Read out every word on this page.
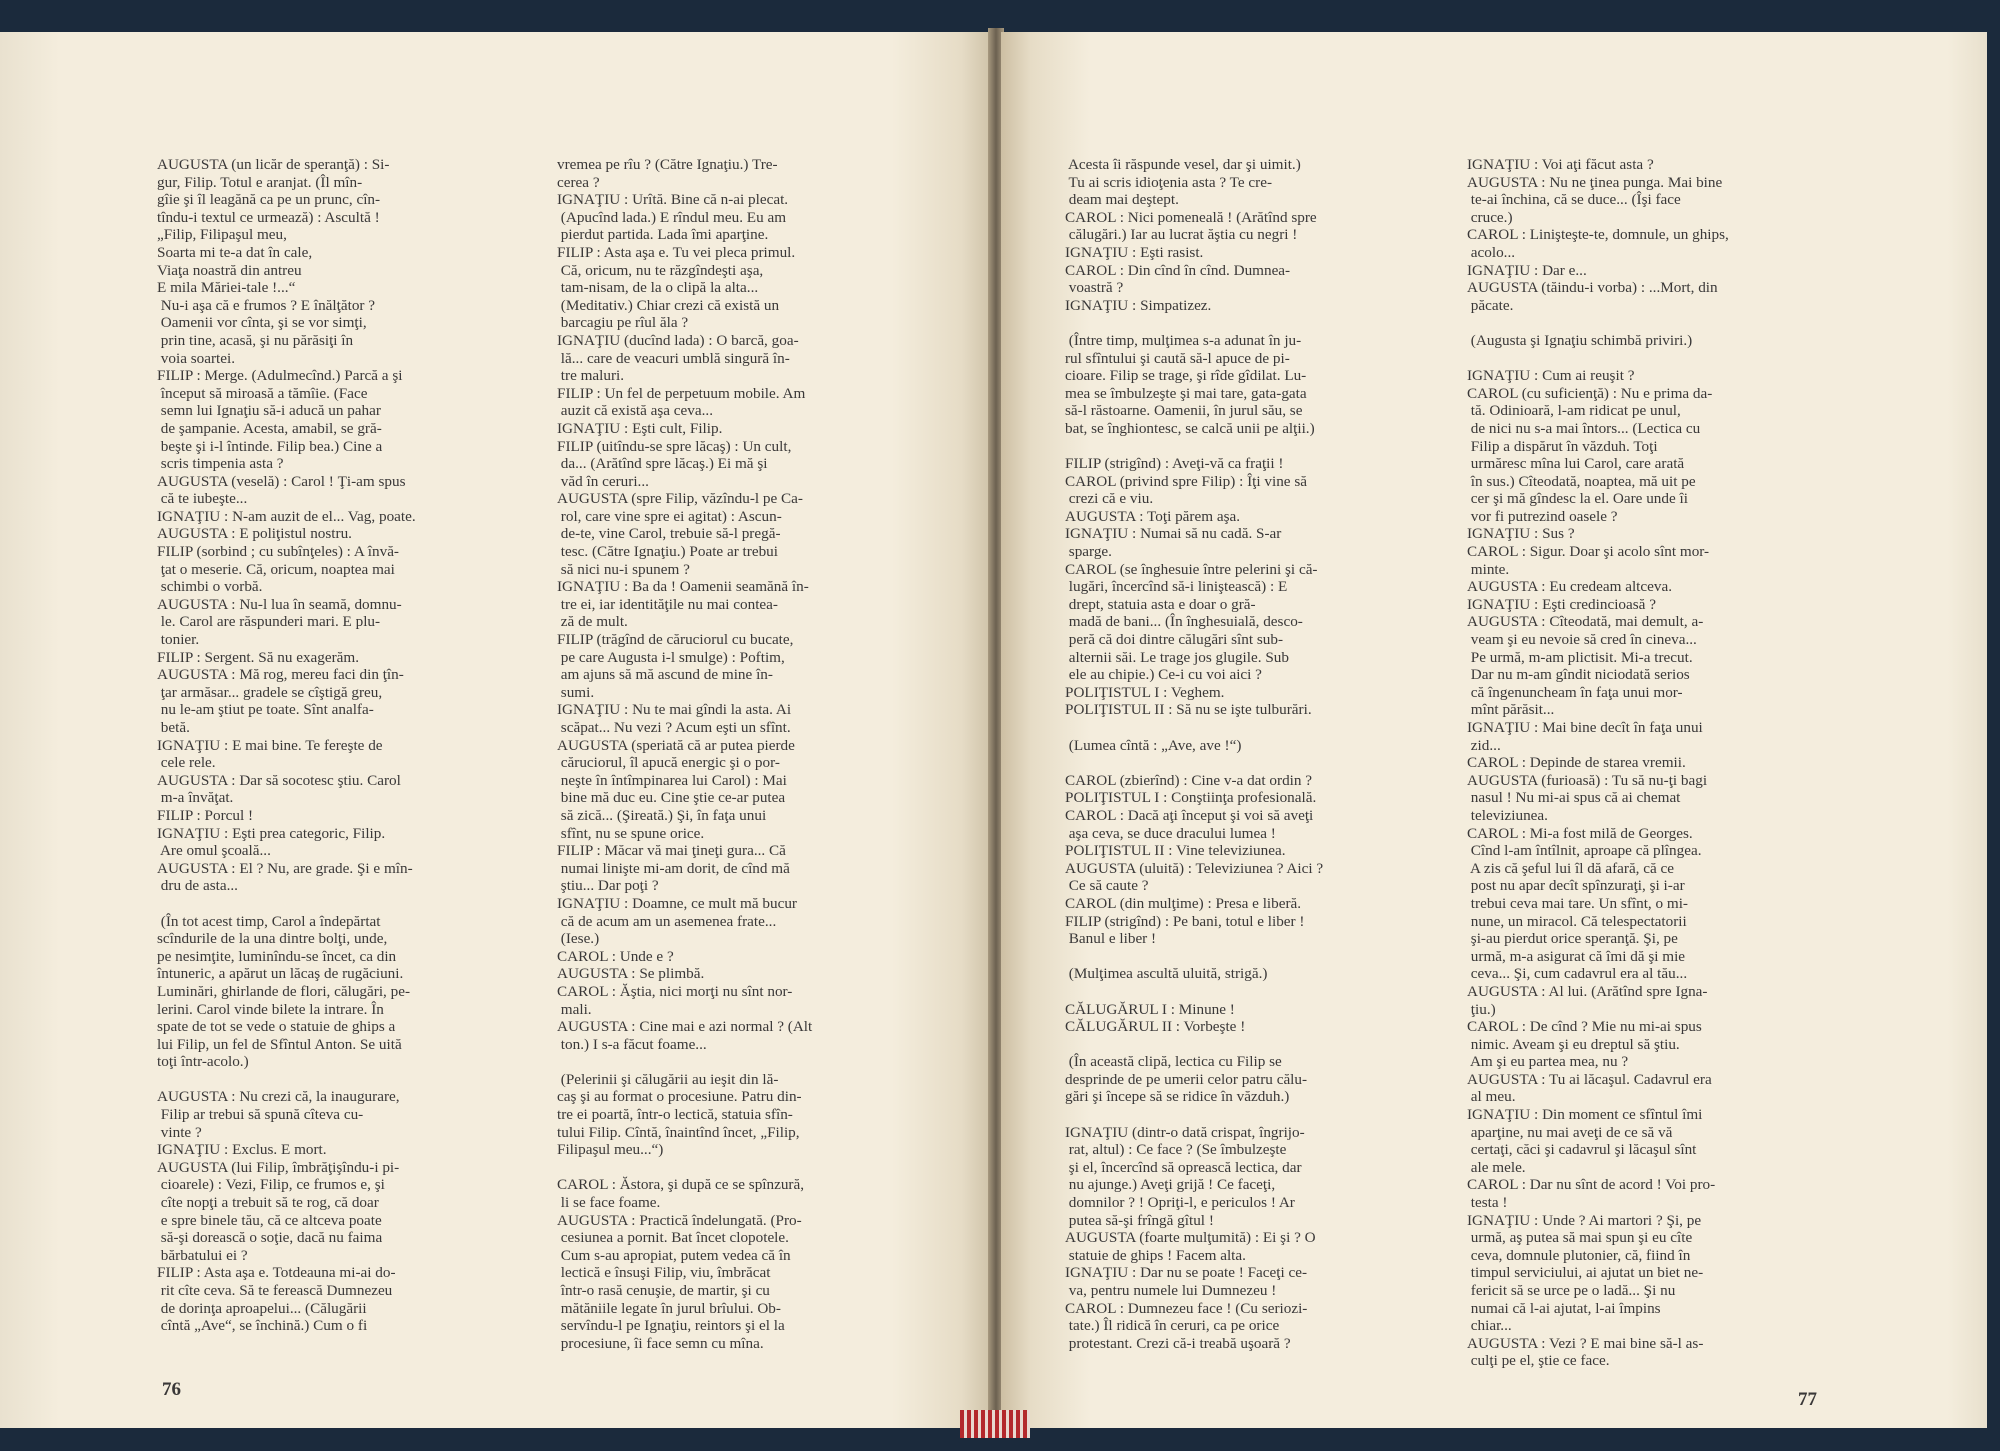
AUGUSTA (un licăr de speranţă) : Si-
gur, Filip. Totul e aranjat. (Îl mîn-
gîie şi îl leagănă ca pe un prunc, cîn-
tîndu-i textul ce urmează) : Ascultă !
„Filip, Filipaşul meu,
Soarta mi te-a dat în cale,
Viaţa noastră din antreu
E mila Măriei-tale !...“
Nu-i aşa că e frumos ? E înălţător ?
Oamenii vor cînta, şi se vor simţi,
prin tine, acasă, şi nu părăsiţi în
voia soartei.
FILIP : Merge. (Adulmecînd.) Parcă a şi
început să miroasă a tămîie. (Face
semn lui Ignaţiu să-i aducă un pahar
de şampanie. Acesta, amabil, se gră-
beşte şi i-l întinde. Filip bea.) Cine a
scris timpenia asta ?
AUGUSTA (veselă) : Carol ! Ţi-am spus
că te iubeşte...
IGNAŢIU : N-am auzit de el... Vag, poate.
AUGUSTA : E poliţistul nostru.
FILIP (sorbind ; cu subînţeles) : A învă-
ţat o meserie. Că, oricum, noaptea mai
schimbi o vorbă.
AUGUSTA : Nu-l lua în seamă, domnu-
le. Carol are răspunderi mari. E plu-
tonier.
FILIP : Sergent. Să nu exagerăm.
AUGUSTA : Mă rog, mereu faci din ţîn-
ţar armăsar... gradele se cîştigă greu,
nu le-am ştiut pe toate. Sînt analfa-
betă.
IGNAŢIU : E mai bine. Te fereşte de
cele rele.
AUGUSTA : Dar să socotesc ştiu. Carol
m-a învăţat.
FILIP : Porcul !
IGNAŢIU : Eşti prea categoric, Filip.
Are omul şcoală...
AUGUSTA : El ? Nu, are grade. Şi e mîn-
dru de asta...

(În tot acest timp, Carol a îndepărtat
scîndurile de la una dintre bolţi, unde,
pe nesimţite, luminîndu-se încet, ca din
întuneric, a apărut un lăcaş de rugăciuni.
Luminări, ghirlande de flori, călugări, pe-
lerini. Carol vinde bilete la intrare. În
spate de tot se vede o statuie de ghips a
lui Filip, un fel de Sfîntul Anton. Se uită
toţi într-acolo.)

AUGUSTA : Nu crezi că, la inaugurare,
Filip ar trebui să spună cîteva cu-
vinte ?
IGNAŢIU : Exclus. E mort.
AUGUSTA (lui Filip, îmbrăţişîndu-i pi-
cioarele) : Vezi, Filip, ce frumos e, şi
cîte nopţi a trebuit să te rog, că doar
e spre binele tău, că ce altceva poate
să-şi dorească o soţie, dacă nu faima
bărbatului ei ?
FILIP : Asta aşa e. Totdeauna mi-ai do-
rit cîte ceva. Să te ferească Dumnezeu
de dorinţa aproapelui... (Călugării
cîntă „Ave“, se închină.) Cum o fi
vremea pe rîu ? (Către Ignaţiu.) Tre-
cerea ?
IGNAŢIU : Urîtă. Bine că n-ai plecat.
(Apucînd lada.) E rîndul meu. Eu am
pierdut partida. Lada îmi aparţine.
FILIP : Asta aşa e. Tu vei pleca primul.
Că, oricum, nu te răzgîndeşti aşa,
tam-nisam, de la o clipă la alta...
(Meditativ.) Chiar crezi că există un
barcagiu pe rîul ăla ?
IGNAŢIU (ducînd lada) : O barcă, goa-
lă... care de veacuri umblă singură în-
tre maluri.
FILIP : Un fel de perpetuum mobile. Am
auzit că există aşa ceva...
IGNAŢIU : Eşti cult, Filip.
FILIP (uitîndu-se spre lăcaş) : Un cult,
da... (Arătînd spre lăcaş.) Ei mă şi
văd în ceruri...
AUGUSTA (spre Filip, văzîndu-l pe Ca-
rol, care vine spre ei agitat) : Ascun-
de-te, vine Carol, trebuie să-l pregă-
tesc. (Către Ignaţiu.) Poate ar trebui
să nici nu-i spunem ?
IGNAŢIU : Ba da ! Oamenii seamănă în-
tre ei, iar identităţile nu mai contea-
ză de mult.
FILIP (trăgînd de căruciorul cu bucate,
pe care Augusta i-l smulge) : Poftim,
am ajuns să mă ascund de mine în-
sumi.
IGNAŢIU : Nu te mai gîndi la asta. Ai
scăpat... Nu vezi ? Acum eşti un sfînt.
AUGUSTA (speriată că ar putea pierde
căruciorul, îl apucă energic şi o por-
neşte în întîmpinarea lui Carol) : Mai
bine mă duc eu. Cine ştie ce-ar putea
să zică... (Şireată.) Şi, în faţa unui
sfînt, nu se spune orice.
FILIP : Măcar vă mai ţineţi gura... Că
numai linişte mi-am dorit, de cînd mă
ştiu... Dar poţi ?
IGNAŢIU : Doamne, ce mult mă bucur
că de acum am un asemenea frate...
(Iese.)
CAROL : Unde e ?
AUGUSTA : Se plimbă.
CAROL : Ăştia, nici morţi nu sînt nor-
mali.
AUGUSTA : Cine mai e azi normal ? (Alt
ton.) I s-a făcut foame...

(Pelerinii şi călugării au ieşit din lă-
caş şi au format o procesiune. Patru din-
tre ei poartă, într-o lectică, statuia sfîn-
tului Filip. Cîntă, înaintînd încet, „Filip,
Filipaşul meu...“)

CAROL : Ăstora, şi după ce se spînzură,
li se face foame.
AUGUSTA : Practică îndelungată. (Pro-
cesiunea a pornit. Bat încet clopotele.
Cum s-au apropiat, putem vedea că în
lectică e însuşi Filip, viu, îmbrăcat
într-o rasă cenuşie, de martir, şi cu
mătăniile legate în jurul brîului. Ob-
servîndu-l pe Ignaţiu, reintors şi el la
procesiune, îi face semn cu mîna.
76
Acesta îi răspunde vesel, dar şi uimit.)
Tu ai scris idioţenia asta ? Te cre-
deam mai deştept.
CAROL : Nici pomeneală ! (Arătînd spre
călugări.) Iar au lucrat ăştia cu negri !
IGNAŢIU : Eşti rasist.
CAROL : Din cînd în cînd. Dumnea-
voastră ?
IGNAŢIU : Simpatizez.

(Între timp, mulţimea s-a adunat în ju-
rul sfîntului şi caută să-l apuce de pi-
cioare. Filip se trage, şi rîde gîdilat. Lu-
mea se îmbulzeşte şi mai tare, gata-gata
să-l răstoarne. Oamenii, în jurul său, se
bat, se înghiontesc, se calcă unii pe alţii.)

FILIP (strigînd) : Aveţi-vă ca fraţii !
CAROL (privind spre Filip) : Îţi vine să
crezi că e viu.
AUGUSTA : Toţi părem aşa.
IGNAŢIU : Numai să nu cadă. S-ar
sparge.
CAROL (se înghesuie între pelerini şi că-
lugări, încercînd să-i liniştească) : E
drept, statuia asta e doar o gră-
madă de bani... (În înghesuială, desco-
peră că doi dintre călugări sînt sub-
alternii săi. Le trage jos glugile. Sub
ele au chipie.) Ce-i cu voi aici ?
POLIŢISTUL I : Veghem.
POLIŢISTUL II : Să nu se işte tulburări.

(Lumea cîntă : „Ave, ave !“)

CAROL (zbierînd) : Cine v-a dat ordin ?
POLIŢISTUL I : Conştiinţa profesională.
CAROL : Dacă aţi început şi voi să aveţi
aşa ceva, se duce dracului lumea !
POLIŢISTUL II : Vine televiziunea.
AUGUSTA (uluită) : Televiziunea ? Aici ?
Ce să caute ?
CAROL (din mulţime) : Presa e liberă.
FILIP (strigînd) : Pe bani, totul e liber !
Banul e liber !

(Mulţimea ascultă uluită, strigă.)

CĂLUGĂRUL I : Minune !
CĂLUGĂRUL II : Vorbeşte !

(În această clipă, lectica cu Filip se
desprinde de pe umerii celor patru călu-
gări şi începe să se ridice în văzduh.)

IGNAŢIU (dintr-o dată crispat, îngrijo-
rat, altul) : Ce face ? (Se îmbulzeşte
şi el, încercînd să oprească lectica, dar
nu ajunge.) Aveţi grijă ! Ce faceţi,
domnilor ? ! Opriţi-l, e periculos ! Ar
putea să-şi frîngă gîtul !
AUGUSTA (foarte mulţumită) : Ei şi ? O
statuie de ghips ! Facem alta.
IGNAŢIU : Dar nu se poate ! Faceţi ce-
va, pentru numele lui Dumnezeu !
CAROL : Dumnezeu face ! (Cu seriozi-
tate.) Îl ridică în ceruri, ca pe orice
protestant. Crezi că-i treabă uşoară ?
IGNAŢIU : Voi aţi făcut asta ?
AUGUSTA : Nu ne ţinea punga. Mai bine
te-ai închina, că se duce... (Îşi face
cruce.)
CAROL : Linişteşte-te, domnule, un ghips,
acolo...
IGNAŢIU : Dar e...
AUGUSTA (tăindu-i vorba) : ...Mort, din
păcate.

(Augusta şi Ignaţiu schimbă priviri.)

IGNAŢIU : Cum ai reuşit ?
CAROL (cu suficienţă) : Nu e prima da-
tă. Odinioară, l-am ridicat pe unul,
de nici nu s-a mai întors... (Lectica cu
Filip a dispărut în văzduh. Toţi
urmăresc mîna lui Carol, care arată
în sus.) Cîteodată, noaptea, mă uit pe
cer şi mă gîndesc la el. Oare unde îi
vor fi putrezind oasele ?
IGNAŢIU : Sus ?
CAROL : Sigur. Doar şi acolo sînt mor-
minte.
AUGUSTA : Eu credeam altceva.
IGNAŢIU : Eşti credincioasă ?
AUGUSTA : Cîteodată, mai demult, a-
veam şi eu nevoie să cred în cineva...
Pe urmă, m-am plictisit. Mi-a trecut.
Dar nu m-am gîndit niciodată serios
că îngenuncheam în faţa unui mor-
mînt părăsit...
IGNAŢIU : Mai bine decît în faţa unui
zid...
CAROL : Depinde de starea vremii.
AUGUSTA (furioasă) : Tu să nu-ţi bagi
nasul ! Nu mi-ai spus că ai chemat
televiziunea.
CAROL : Mi-a fost milă de Georges.
Cînd l-am întîlnit, aproape că plîngea.
A zis că şeful lui îl dă afară, că ce
post nu apar decît spînzuraţi, şi i-ar
trebui ceva mai tare. Un sfînt, o mi-
nune, un miracol. Că telespectatorii
şi-au pierdut orice speranţă. Şi, pe
urmă, m-a asigurat că îmi dă şi mie
ceva... Şi, cum cadavrul era al tău...
AUGUSTA : Al lui. (Arătînd spre Igna-
ţiu.)
CAROL : De cînd ? Mie nu mi-ai spus
nimic. Aveam şi eu dreptul să ştiu.
Am şi eu partea mea, nu ?
AUGUSTA : Tu ai lăcaşul. Cadavrul era
al meu.
IGNAŢIU : Din moment ce sfîntul îmi
aparţine, nu mai aveţi de ce să vă
certaţi, căci şi cadavrul şi lăcaşul sînt
ale mele.
CAROL : Dar nu sînt de acord ! Voi pro-
testa !
IGNAŢIU : Unde ? Ai martori ? Şi, pe
urmă, aş putea să mai spun şi eu cîte
ceva, domnule plutonier, că, fiind în
timpul serviciului, ai ajutat un biet ne-
fericit să se urce pe o ladă... Şi nu
numai că l-ai ajutat, l-ai împins
chiar...
AUGUSTA : Vezi ? E mai bine să-l as-
culţi pe el, ştie ce face.
77
